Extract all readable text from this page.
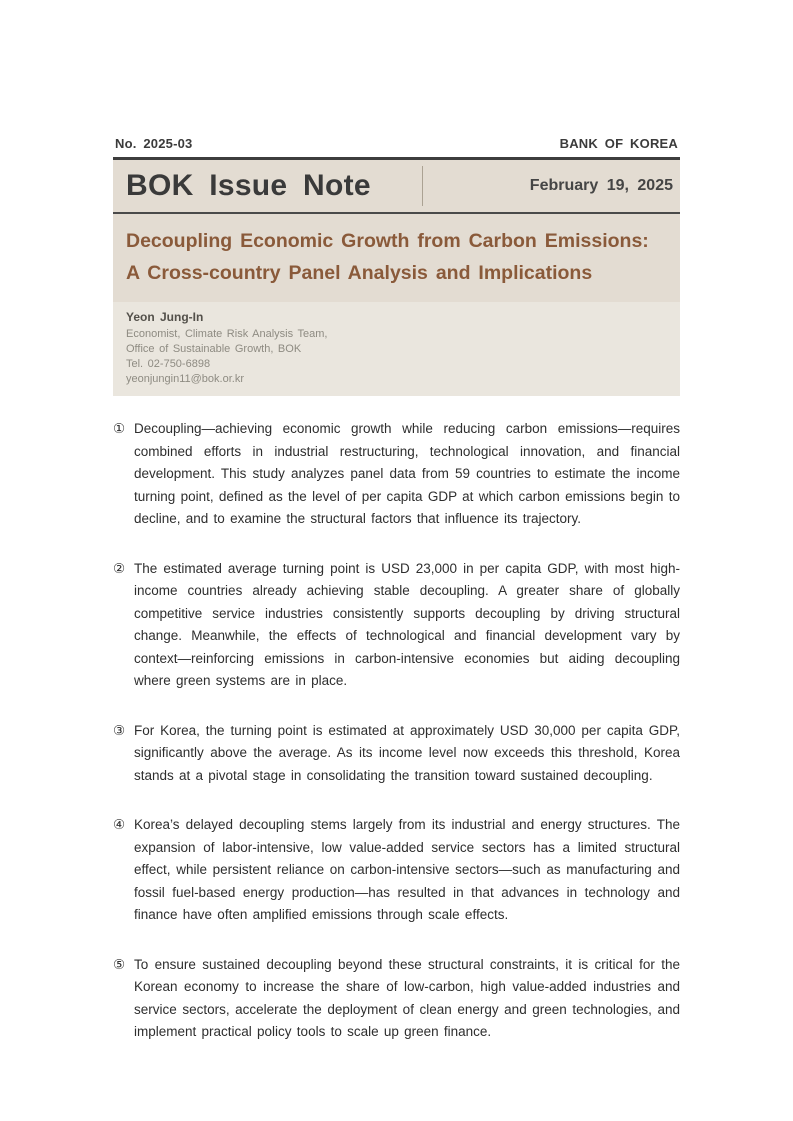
No. 2025-03	BANK OF KOREA
BOK Issue Note	February 19, 2025
Decoupling Economic Growth from Carbon Emissions:
A Cross-country Panel Analysis and Implications
Yeon Jung-In
Economist, Climate Risk Analysis Team,
Office of Sustainable Growth, BOK
Tel. 02-750-6898
yeonjungin11@bok.or.kr
① Decoupling—achieving economic growth while reducing carbon emissions—requires combined efforts in industrial restructuring, technological innovation, and financial development. This study analyzes panel data from 59 countries to estimate the income turning point, defined as the level of per capita GDP at which carbon emissions begin to decline, and to examine the structural factors that influence its trajectory.
② The estimated average turning point is USD 23,000 in per capita GDP, with most high-income countries already achieving stable decoupling. A greater share of globally competitive service industries consistently supports decoupling by driving structural change. Meanwhile, the effects of technological and financial development vary by context—reinforcing emissions in carbon-intensive economies but aiding decoupling where green systems are in place.
③ For Korea, the turning point is estimated at approximately USD 30,000 per capita GDP, significantly above the average. As its income level now exceeds this threshold, Korea stands at a pivotal stage in consolidating the transition toward sustained decoupling.
④ Korea’s delayed decoupling stems largely from its industrial and energy structures. The expansion of labor-intensive, low value-added service sectors has a limited structural effect, while persistent reliance on carbon-intensive sectors—such as manufacturing and fossil fuel-based energy production—has resulted in that advances in technology and finance have often amplified emissions through scale effects.
⑤ To ensure sustained decoupling beyond these structural constraints, it is critical for the Korean economy to increase the share of low-carbon, high value-added industries and service sectors, accelerate the deployment of clean energy and green technologies, and implement practical policy tools to scale up green finance.
